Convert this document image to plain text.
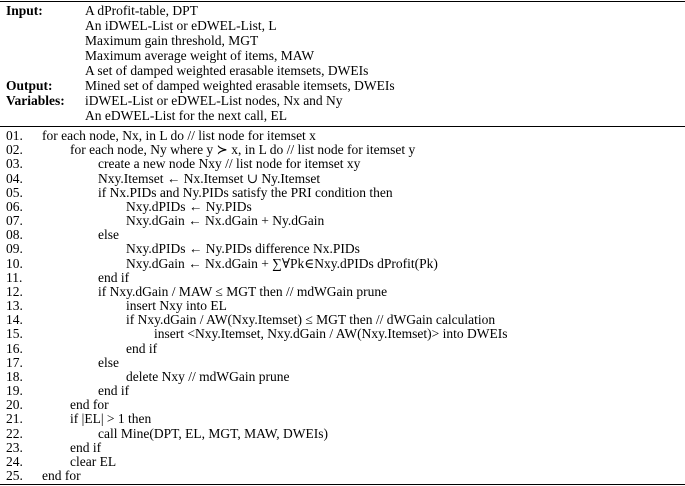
Input:	A dProfit-table, DPT
An iDWEL-List or eDWEL-List, L
Maximum gain threshold, MGT
Maximum average weight of items, MAW
A set of damped weighted erasable itemsets, DWEIs
Output: Mined set of damped weighted erasable itemsets, DWEIs
Variables: iDWEL-List or eDWEL-List nodes, Nx and Ny
An eDWEL-List for the next call, EL
01. for each node, Nx, in L do // list node for itemset x
02.	for each node, Ny where y ≻ x, in L do // list node for itemset y
03.	create a new node Nxy // list node for itemset xy
04.	Nxy.Itemset ← Nx.Itemset ∪ Ny.Itemset
05.	if Nx.PIDs and Ny.PIDs satisfy the PRI condition then
06.	Nxy.dPIDs ← Ny.PIDs
07.	Nxy.dGain ← Nx.dGain + Ny.dGain
08.	else
09.	Nxy.dPIDs ← Ny.PIDs difference Nx.PIDs
10.	Nxy.dGain ← Nx.dGain + ∑∀Pk∈Nxy.dPIDs dProfit(Pk)
11.	end if
12.	if Nxy.dGain / MAW ≤ MGT then // mdWGain prune
13.	insert Nxy into EL
14.	if Nxy.dGain / AW(Nxy.Itemset) ≤ MGT then // dWGain calculation
15.	insert <Nxy.Itemset, Nxy.dGain / AW(Nxy.Itemset)> into DWEIs
16.	end if
17.	else
18.	delete Nxy // mdWGain prune
19.	end if
20.	end for
21.	if |EL| > 1 then
22.	call Mine(DPT, EL, MGT, MAW, DWEIs)
23.	end if
24.	clear EL
25. end for
